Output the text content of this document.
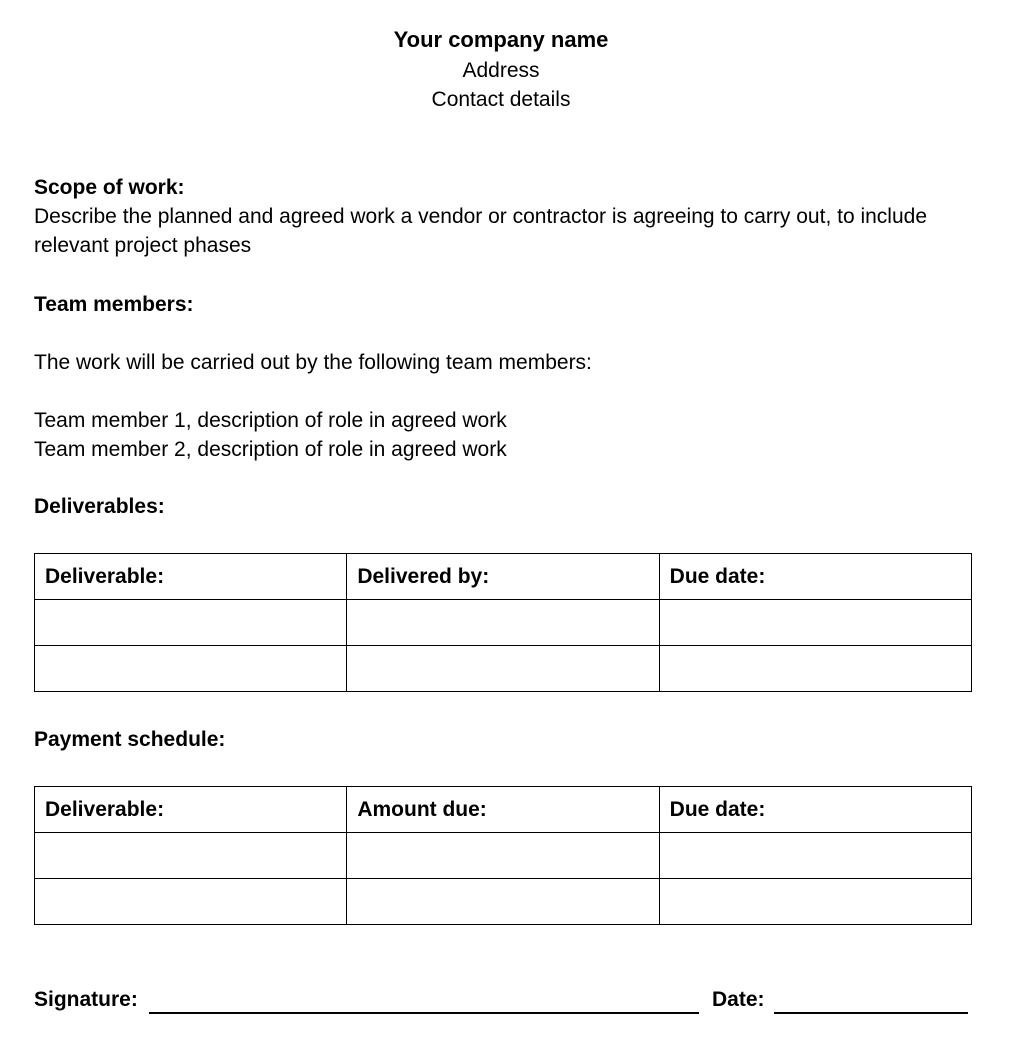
Your company name
Address
Contact details
Scope of work:
Describe the planned and agreed work a vendor or contractor is agreeing to carry out, to include
relevant project phases
Team members:
The work will be carried out by the following team members:
Team member 1, description of role in agreed work
Team member 2, description of role in agreed work
Deliverables:
Deliverable:	Delivered by:	Due date:

Payment schedule:
Deliverable:	Amount due:	Due date:

Signature:	Date:
